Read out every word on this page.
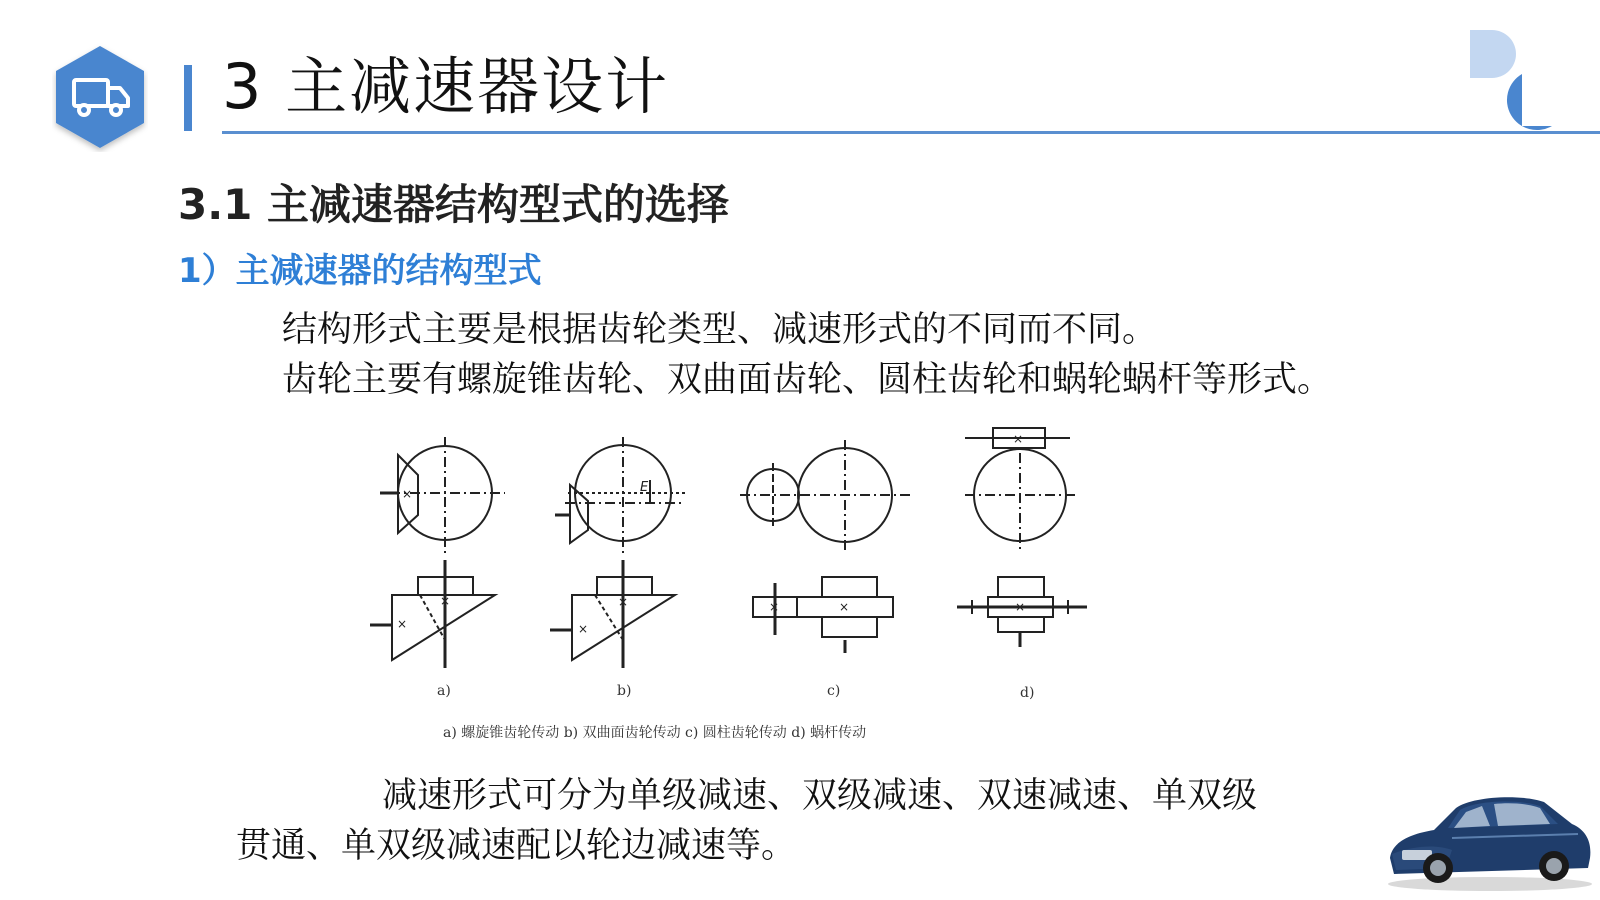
3 主减速器设计
3.1 主减速器结构型式的选择
1）主减速器的结构型式
结构形式主要是根据齿轮类型、减速形式的不同而不同。
齿轮主要有螺旋锥齿轮、双曲面齿轮、圆柱齿轮和蜗轮蜗杆等形式。
×
×
×
E
×
×
×	×
×
×
a)	b)	c)	d)
a) 螺旋锥齿轮传动 b) 双曲面齿轮传动 c) 圆柱齿轮传动 d) 蜗杆传动
减速形式可分为单级减速、双级减速、双速减速、单双级
贯通、单双级减速配以轮边减速等。
